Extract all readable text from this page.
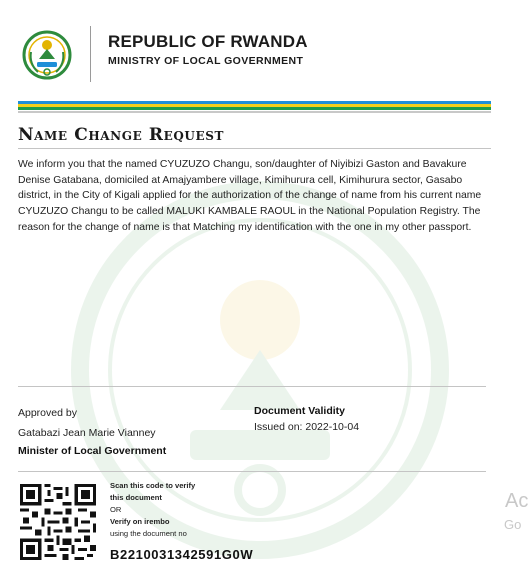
REPUBLIC OF RWANDA
MINISTRY OF LOCAL GOVERNMENT
Name Change Request
We inform you that the named CYUZUZO Changu, son/daughter of Niyibizi Gaston and Bavakure Denise Gatabana, domiciled at Amajyambere village, Kimihurura cell, Kimihurura sector, Gasabo district, in the City of Kigali applied for the authorization of the change of name from his current name CYUZUZO Changu to be called MALUKI KAMBALE RAOUL in the National Population Registry. The reason for the change of name is that Matching my identification with the one in my other passport.
Approved by
Gatabazi Jean Marie Vianney
Minister of Local Government
Document Validity
Issued on: 2022-10-04
Scan this code to verify
this document
OR
Verify on irembo
using the document no
B2210031342591G0W
Ac
Go
